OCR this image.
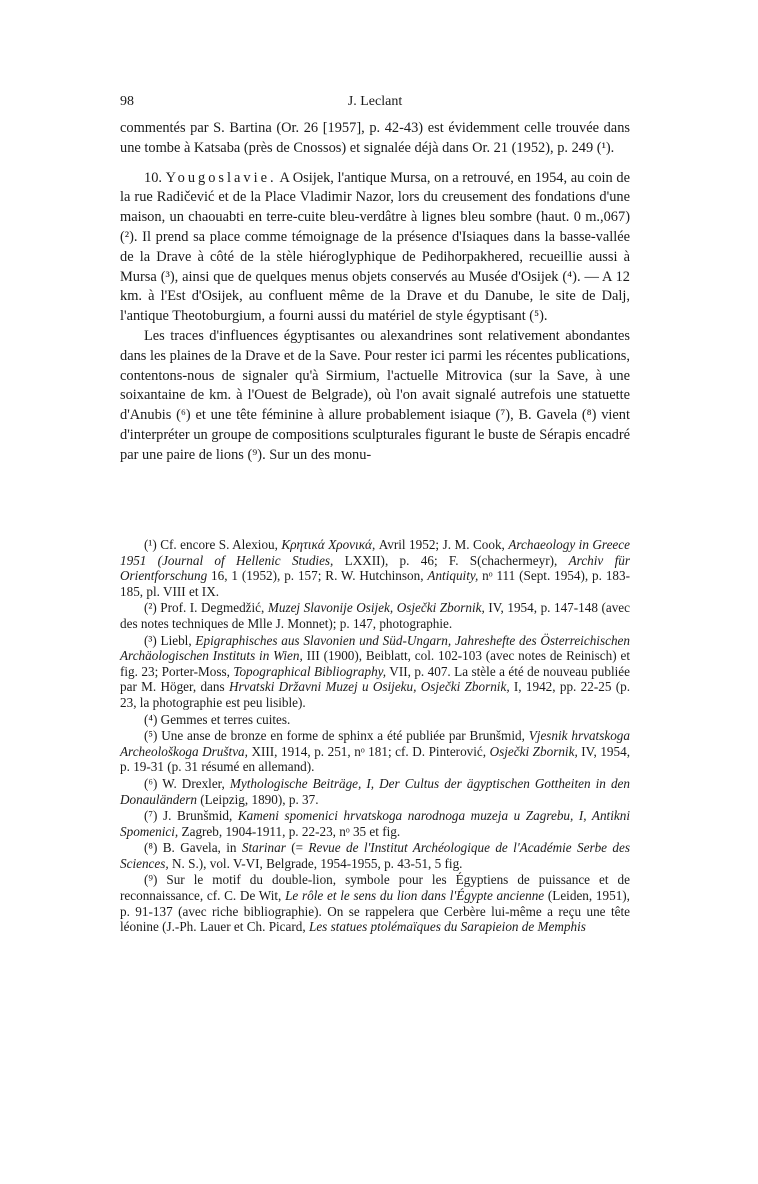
98	J. Leclant

commentés par S. Bartina (Or. 26 [1957], p. 42-43) est évidemment celle trouvée dans une tombe à Katsaba (près de Cnossos) et signalée déjà dans Or. 21 (1952), p. 249 (¹).

10. Yougoslavie. A Osijek, l'antique Mursa, on a retrouvé, en 1954, au coin de la rue Radičević et de la Place Vladimir Nazor, lors du creusement des fondations d'une maison, un chaouabti en terre-cuite bleu-verdâtre à lignes bleu sombre (haut. 0 m.,067) (²). Il prend sa place comme témoignage de la présence d'Isiaques dans la basse-vallée de la Drave à côté de la stèle hiéroglyphique de Pedihorpakhered, recueillie aussi à Mursa (³), ainsi que de quelques menus objets conservés au Musée d'Osijek (⁴). — A 12 km. à l'Est d'Osijek, au confluent même de la Drave et du Danube, le site de Dalj, l'antique Theotoburgium, a fourni aussi du matériel de style égyptisant (⁵).

Les traces d'influences égyptisantes ou alexandrines sont relativement abondantes dans les plaines de la Drave et de la Save. Pour rester ici parmi les récentes publications, contentons-nous de signaler qu'à Sirmium, l'actuelle Mitrovica (sur la Save, à une soixantaine de km. à l'Ouest de Belgrade), où l'on avait signalé autrefois une statuette d'Anubis (⁶) et une tête féminine à allure probablement isiaque (⁷), B. Gavela (⁸) vient d'interpréter un groupe de compositions sculpturales figurant le buste de Sérapis encadré par une paire de lions (⁹). Sur un des monu-

(¹) Cf. encore S. Alexiou, Κρητικά Χρονικά, Avril 1952; J. M. Cook, Archaeology in Greece 1951 (Journal of Hellenic Studies, LXXII), p. 46; F. S(chachermeyr), Archiv für Orientforschung 16, 1 (1952), p. 157; R. W. Hutchinson, Antiquity, nᵒ 111 (Sept. 1954), p. 183-185, pl. VIII et IX.

(²) Prof. I. Degmedžić, Muzej Slavonije Osijek, Osječki Zbornik, IV, 1954, p. 147-148 (avec des notes techniques de Mlle J. Monnet); p. 147, photographie.

(³) Liebl, Epigraphisches aus Slavonien und Süd-Ungarn, Jahreshefte des Österreichischen Archäologischen Instituts in Wien, III (1900), Beiblatt, col. 102-103 (avec notes de Reinisch) et fig. 23; Porter-Moss, Topographical Bibliography, VII, p. 407. La stèle a été de nouveau publiée par M. Höger, dans Hrvatski Državni Muzej u Osijeku, Osječki Zbornik, I, 1942, pp. 22-25 (p. 23, la photographie est peu lisible).

(⁴) Gemmes et terres cuites.

(⁵) Une anse de bronze en forme de sphinx a été publiée par Brunšmid, Vjesnik hrvatskoga Archeološkoga Društva, XIII, 1914, p. 251, nᵒ 181; cf. D. Pinterović, Osječki Zbornik, IV, 1954, p. 19-31 (p. 31 résumé en allemand).

(⁶) W. Drexler, Mythologische Beiträge, I, Der Cultus der ägyptischen Gottheiten in den Donauländern (Leipzig, 1890), p. 37.

(⁷) J. Brunšmid, Kameni spomenici hrvatskoga narodnoga muzeja u Zagrebu, I, Antikni Spomenici, Zagreb, 1904-1911, p. 22-23, nᵒ 35 et fig.

(⁸) B. Gavela, in Starinar (= Revue de l'Institut Archéologique de l'Académie Serbe des Sciences, N. S.), vol. V-VI, Belgrade, 1954-1955, p. 43-51, 5 fig.

(⁹) Sur le motif du double-lion, symbole pour les Égyptiens de puissance et de reconnaissance, cf. C. De Wit, Le rôle et le sens du lion dans l'Égypte ancienne (Leiden, 1951), p. 91-137 (avec riche bibliographie). On se rappelera que Cerbère lui-même a reçu une tête léonine (J.-Ph. Lauer et Ch. Picard, Les statues ptolémaïques du Sarapieion de Memphis
